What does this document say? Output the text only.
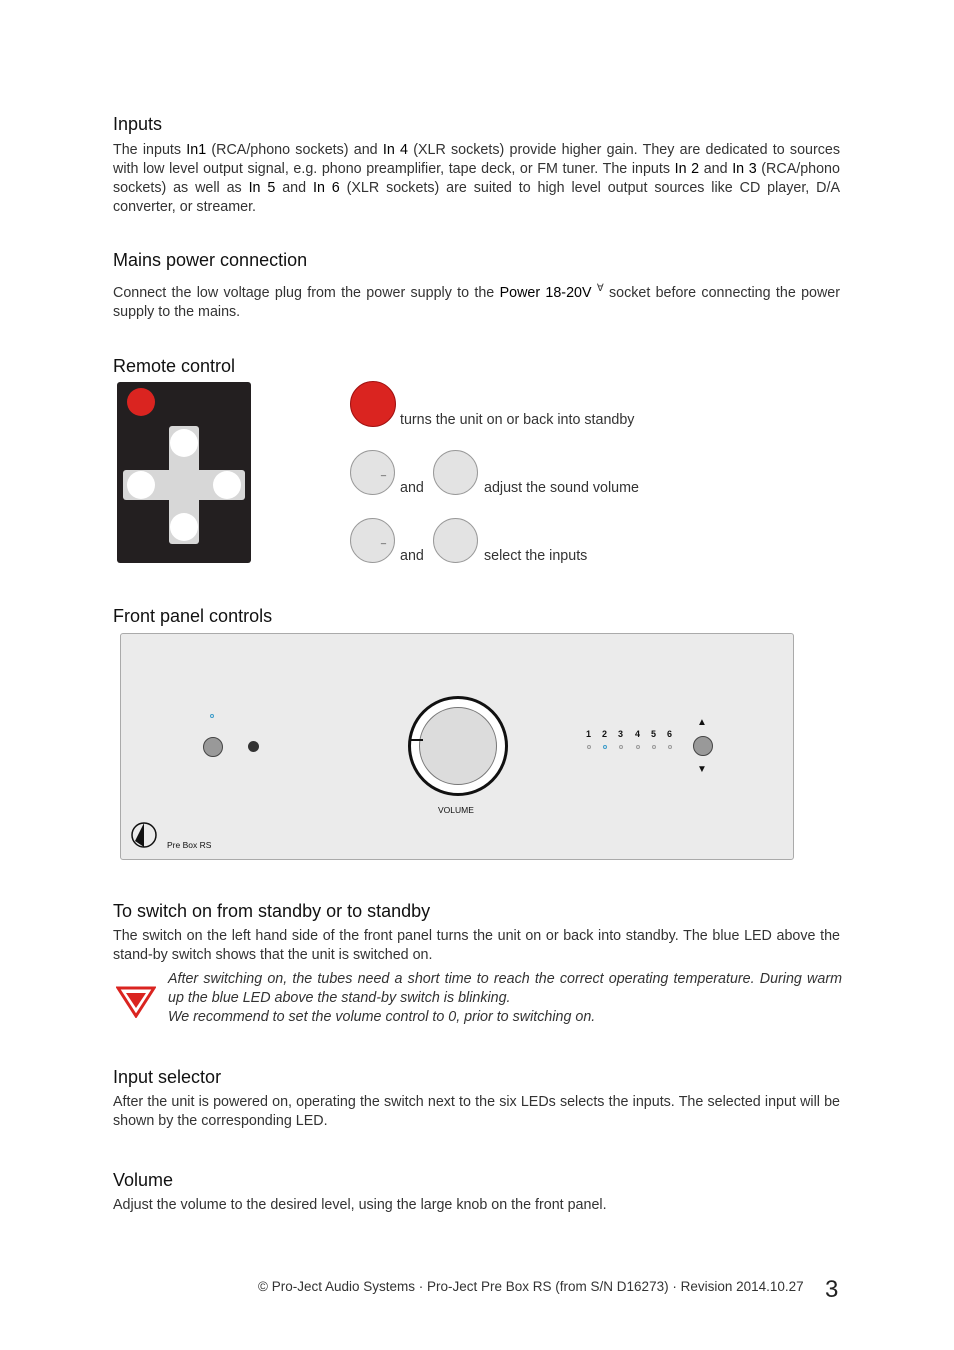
Inputs
The inputs In1 (RCA/phono sockets) and In 4 (XLR sockets) provide higher gain. They are dedicated to sources with low level output signal, e.g. phono preamplifier, tape deck, or FM tuner. The inputs In 2 and In 3 (RCA/phono sockets) as well as In 5 and In 6 (XLR sockets) are suited to high level output sources like CD player, D/A converter, or streamer.
Mains power connection
Connect the low voltage plug from the power supply to the Power 18-20V ∀ socket before connecting the power supply to the mains.
Remote control
turns the unit on or back into standby
_
and	adjust the sound volume
_
and	select the inputs
Front panel controls
VOLUME
1 2 3 4 5 6
▲
▼
Pre Box RS
To switch on from standby or to standby
The switch on the left hand side of the front panel turns the unit on or back into standby. The blue LED above the stand-by switch shows that the unit is switched on.
After switching on, the tubes need a short time to reach the correct operating temperature. During warm up the blue LED above the stand-by switch is blinking.
We recommend to set the volume control to 0, prior to switching on.
Input selector
After the unit is powered on, operating the switch next to the six LEDs selects the inputs. The selected input will be shown by the corresponding LED.
Volume
Adjust the volume to the desired level, using the large knob on the front panel.
© Pro-Ject Audio Systems · Pro-Ject Pre Box RS (from S/N D16273) · Revision 2014.10.27 3
